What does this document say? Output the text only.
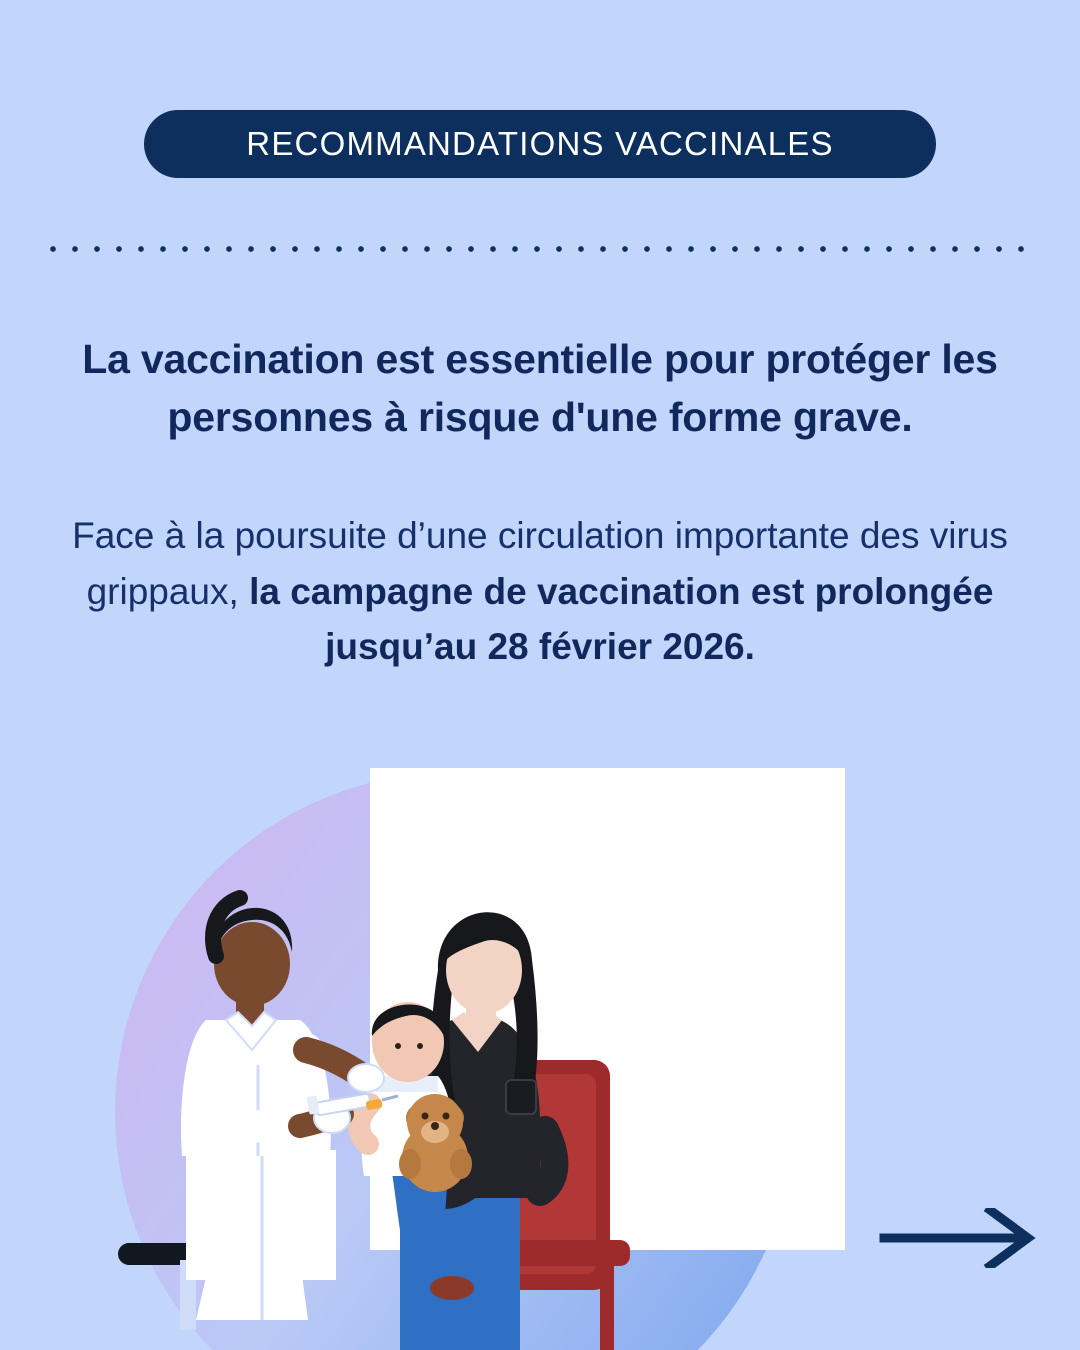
RECOMMANDATIONS VACCINALES
La vaccination est essentielle pour protéger les personnes à risque d'une forme grave.
Face à la poursuite d’une circulation importante des virus grippaux, la campagne de vaccination est prolongée jusqu’au 28 février 2026.
